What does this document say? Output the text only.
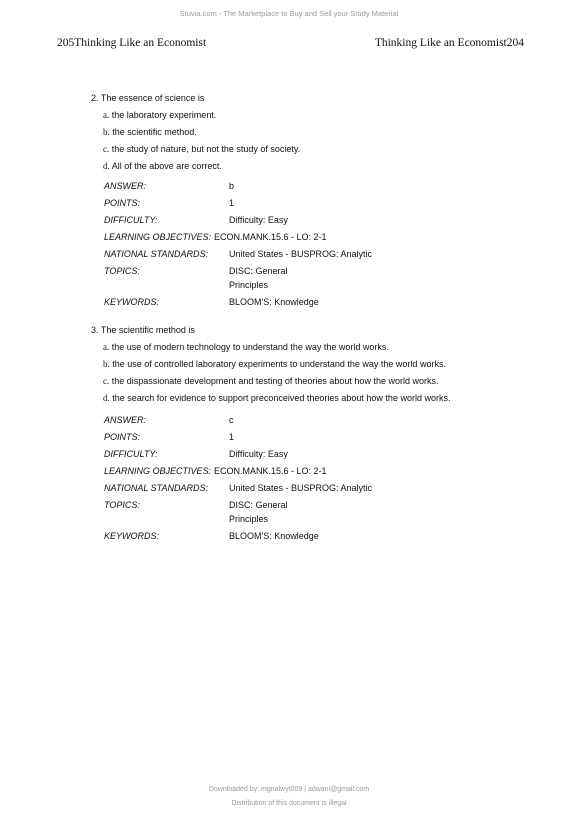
Stuvia.com - The Marketplace to Buy and Sell your Study Material
205Thinking Like an Economist	Thinking Like an Economist204
2. The essence of science is
a. the laboratory experiment.
b. the scientific method.
c. the study of nature, but not the study of society.
d. All of the above are correct.
ANSWER:	b
POINTS:	1
DIFFICULTY:	Difficulty: Easy
LEARNING OBJECTIVES: ECON.MANK.15.6 - LO: 2-1
NATIONAL STANDARDS:	United States - BUSPROG: Analytic
TOPICS:	DISC: General
Principles
KEYWORDS:	BLOOM'S: Knowledge
3. The scientific method is
a. the use of modern technology to understand the way the world works.
b. the use of controlled laboratory experiments to understand the way the world works.
c. the dispassionate development and testing of theories about how the world works.
d. the search for evidence to support preconceived theories about how the world works.
ANSWER:	c
POINTS:	1
DIFFICULTY:	Difficulty: Easy
LEARNING OBJECTIVES: ECON.MANK.15.6 - LO: 2-1
NATIONAL STANDARDS:	United States - BUSPROG: Analytic
TOPICS:	DISC: General
Principles
KEYWORDS:	BLOOM'S: Knowledge
Downloaded by: mgnalwyt009 | adwani@gmail.com
Distribution of this document is illegal
